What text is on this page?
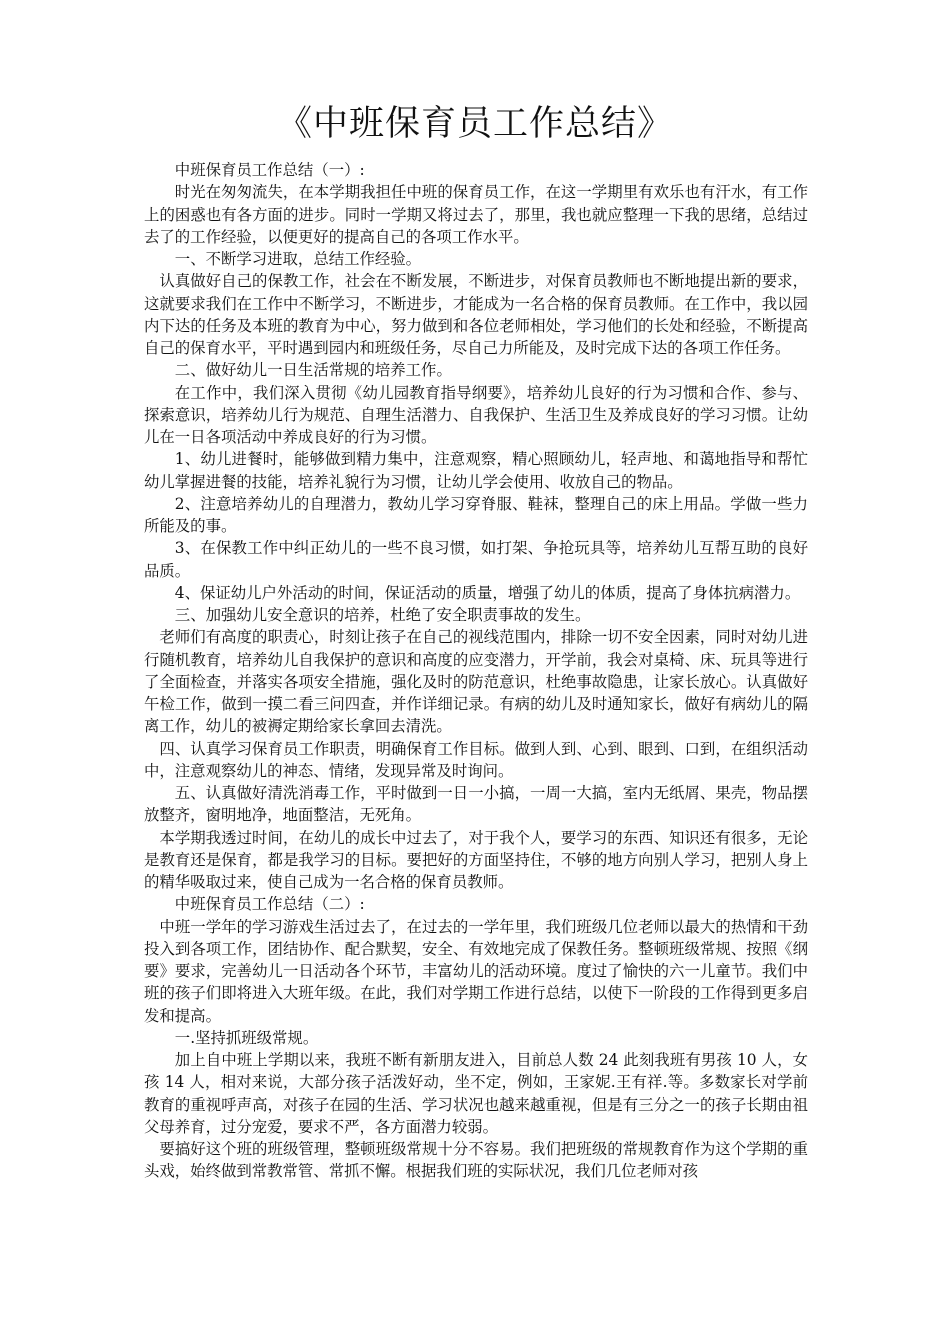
《中班保育员工作总结》

中班保育员工作总结（一）:

时光在匆匆流失，在本学期我担任中班的保育员工作，在这一学期里有欢乐也有汗水，有工作上的困惑也有各方面的进步。同时一学期又将过去了，那里，我也就应整理一下我的思绪，总结过去了的工作经验，以便更好的提高自己的各项工作水平。

一、不断学习进取，总结工作经验。

认真做好自己的保教工作，社会在不断发展，不断进步，对保育员教师也不断地提出新的要求，这就要求我们在工作中不断学习，不断进步，才能成为一名合格的保育员教师。在工作中，我以园内下达的任务及本班的教育为中心，努力做到和各位老师相处，学习他们的长处和经验，不断提高自己的保育水平，平时遇到园内和班级任务，尽自己力所能及，及时完成下达的各项工作任务。

二、做好幼儿一日生活常规的培养工作。

在工作中，我们深入贯彻《幼儿园教育指导纲要》，培养幼儿良好的行为习惯和合作、参与、探索意识，培养幼儿行为规范、自理生活潜力、自我保护、生活卫生及养成良好的学习习惯。让幼儿在一日各项活动中养成良好的行为习惯。

1、幼儿进餐时，能够做到精力集中，注意观察，精心照顾幼儿，轻声地、和蔼地指导和帮忙幼儿掌握进餐的技能，培养礼貌行为习惯，让幼儿学会使用、收放自己的物品。

2、注意培养幼儿的自理潜力，教幼儿学习穿脊服、鞋袜，整理自己的床上用品。学做一些力所能及的事。

3、在保教工作中纠正幼儿的一些不良习惯，如打架、争抢玩具等，培养幼儿互帮互助的良好品质。

4、保证幼儿户外活动的时间，保证活动的质量，增强了幼儿的体质，提高了身体抗病潜力。

三、加强幼儿安全意识的培养，杜绝了安全职责事故的发生。

老师们有高度的职责心，时刻让孩子在自己的视线范围内，排除一切不安全因素，同时对幼儿进行随机教育，培养幼儿自我保护的意识和高度的应变潜力，开学前，我会对桌椅、床、玩具等进行了全面检查，并落实各项安全措施，强化及时的防范意识，杜绝事故隐患，让家长放心。认真做好午检工作，做到一摸二看三问四查，并作详细记录。有病的幼儿及时通知家长，做好有病幼儿的隔离工作，幼儿的被褥定期给家长拿回去清洗。

四、认真学习保育员工作职责，明确保育工作目标。做到人到、心到、眼到、口到，在组织活动中，注意观察幼儿的神态、情绪，发现异常及时询问。

五、认真做好清洗消毒工作，平时做到一日一小搞，一周一大搞，室内无纸屑、果壳，物品摆放整齐，窗明地净，地面整洁，无死角。

本学期我透过时间，在幼儿的成长中过去了，对于我个人，要学习的东西、知识还有很多，无论是教育还是保育，都是我学习的目标。要把好的方面坚持住，不够的地方向别人学习，把别人身上的精华吸取过来，使自己成为一名合格的保育员教师。

中班保育员工作总结（二）:

中班一学年的学习游戏生活过去了，在过去的一学年里，我们班级几位老师以最大的热情和干劲投入到各项工作，团结协作、配合默契，安全、有效地完成了保教任务。整顿班级常规、按照《纲要》要求，完善幼儿一日活动各个环节，丰富幼儿的活动环境。度过了愉快的六一儿童节。我们中班的孩子们即将进入大班年级。在此，我们对学期工作进行总结，以使下一阶段的工作得到更多启发和提高。

一.坚持抓班级常规。

加上自中班上学期以来，我班不断有新朋友进入，目前总人数 24 此刻我班有男孩 10 人，女孩 14 人，相对来说，大部分孩子活泼好动，坐不定，例如，王家妮.王有祥.等。多数家长对学前教育的重视呼声高，对孩子在园的生活、学习状况也越来越重视，但是有三分之一的孩子长期由祖父母养育，过分宠爱，要求不严，各方面潜力较弱。

要搞好这个班的班级管理，整顿班级常规十分不容易。我们把班级的常规教育作为这个学期的重头戏，始终做到常教常管、常抓不懈。根据我们班的实际状况，我们几位老师对孩
